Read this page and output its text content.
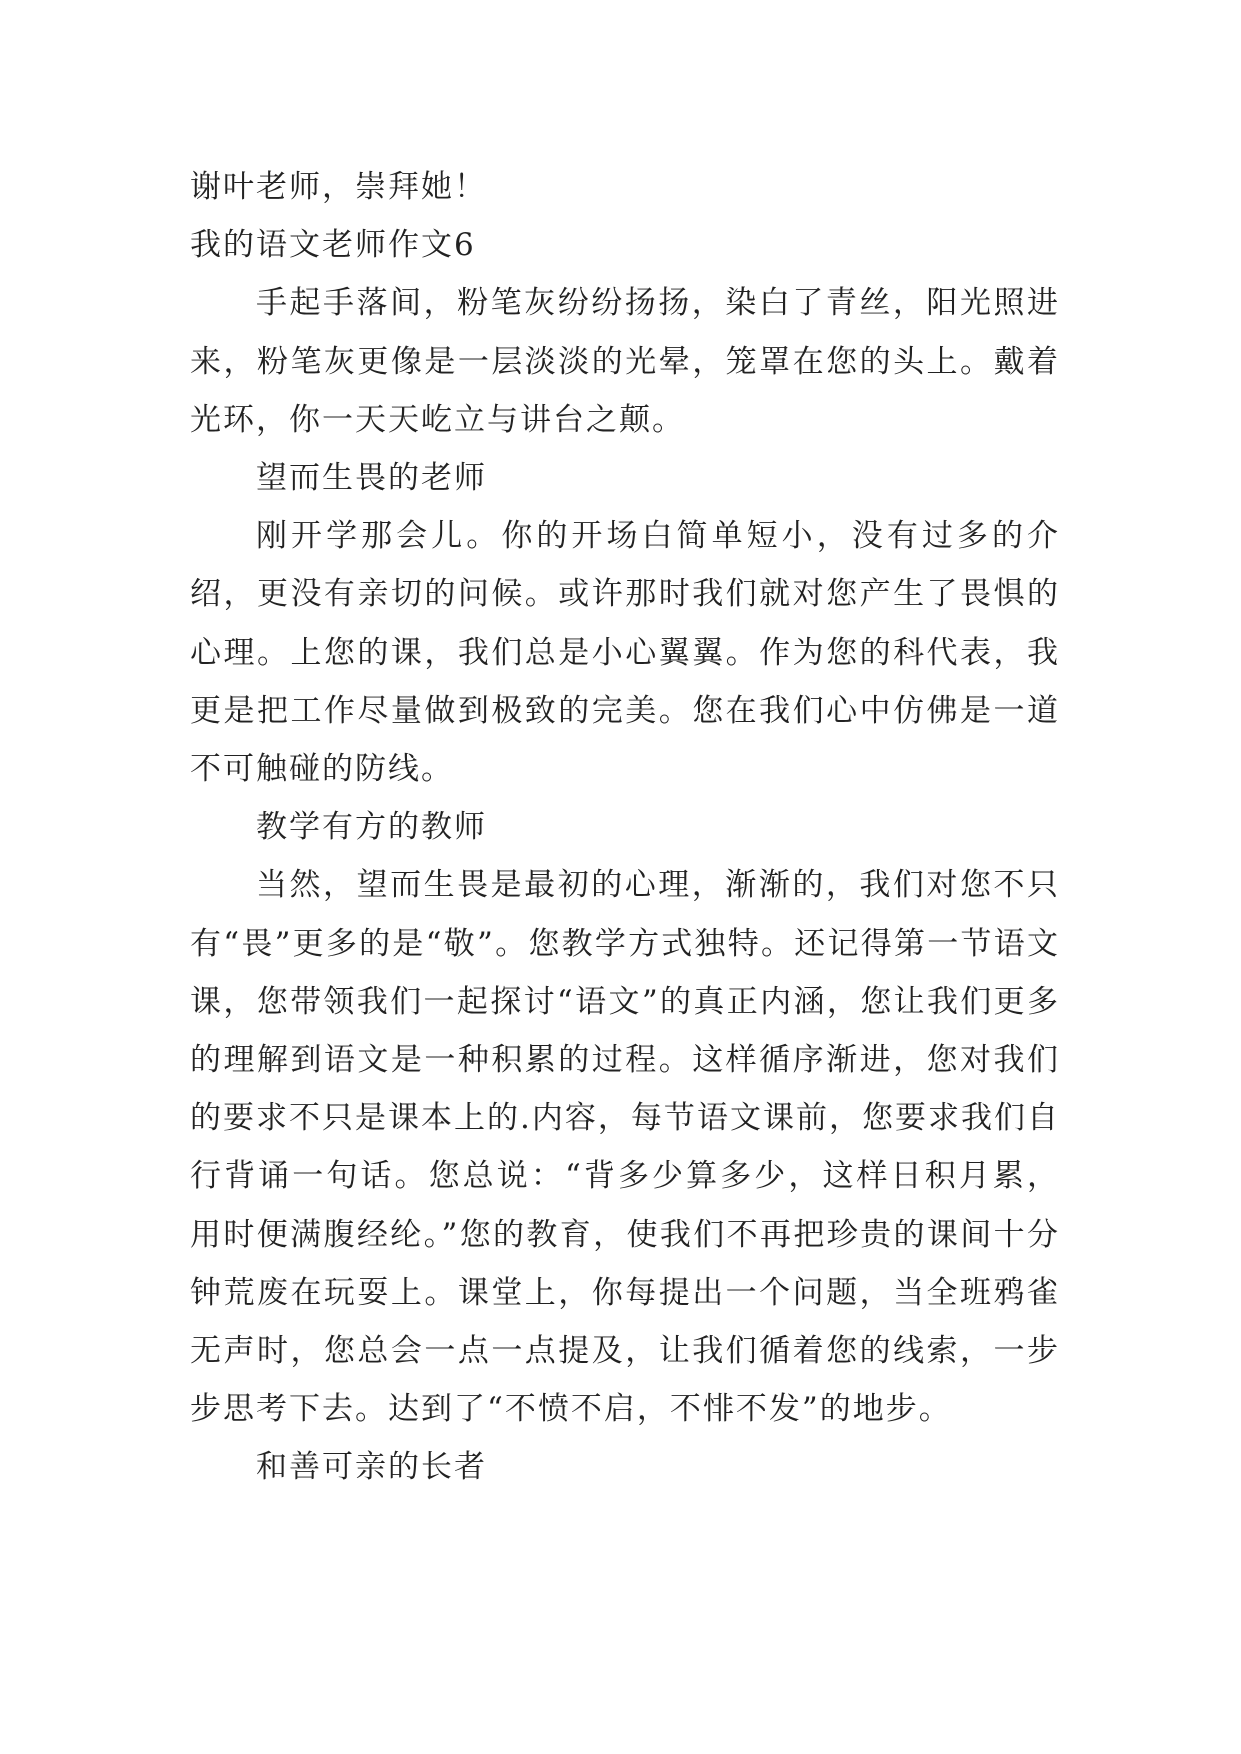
谢叶老师，崇拜她！

我的语文老师作文6

手起手落间，粉笔灰纷纷扬扬，染白了青丝，阳光照进来，粉笔灰更像是一层淡淡的光晕，笼罩在您的头上。戴着光环，你一天天屹立与讲台之颠。

望而生畏的老师

刚开学那会儿。你的开场白简单短小，没有过多的介绍，更没有亲切的问候。或许那时我们就对您产生了畏惧的心理。上您的课，我们总是小心翼翼。作为您的科代表，我更是把工作尽量做到极致的完美。您在我们心中仿佛是一道不可触碰的防线。

教学有方的教师

当然，望而生畏是最初的心理，渐渐的，我们对您不只有“畏”更多的是“敬”。您教学方式独特。还记得第一节语文课，您带领我们一起探讨“语文”的真正内涵，您让我们更多的理解到语文是一种积累的过程。这样循序渐进，您对我们的要求不只是课本上的.内容，每节语文课前，您要求我们自行背诵一句话。您总说：“背多少算多少，这样日积月累，用时便满腹经纶。”您的教育，使我们不再把珍贵的课间十分钟荒废在玩耍上。课堂上，你每提出一个问题，当全班鸦雀无声时，您总会一点一点提及，让我们循着您的线索，一步步思考下去。达到了“不愤不启，不悱不发”的地步。

和善可亲的长者
